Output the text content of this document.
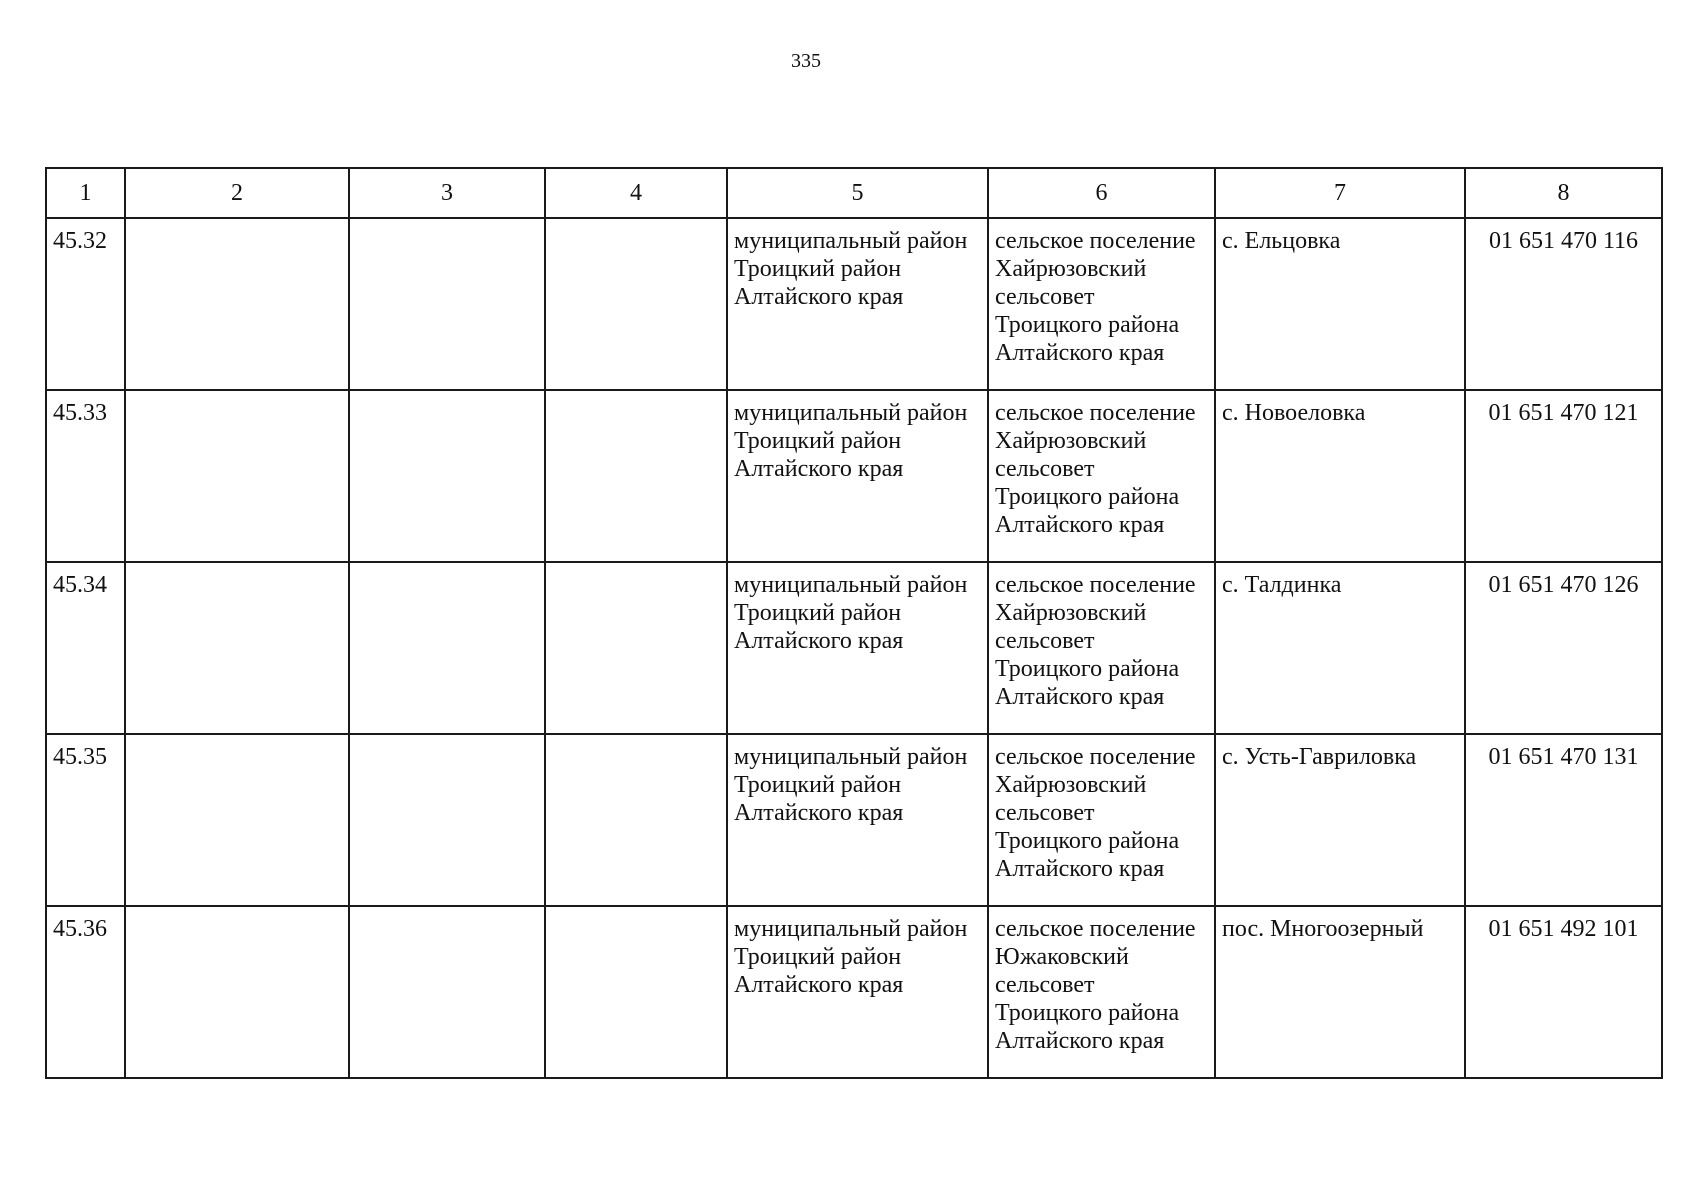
335
1	2	3	4	5	6	7	8
45.32				муниципальный район
Троицкий район
Алтайского края	сельское поселение
Хайрюзовский
сельсовет
Троицкого района
Алтайского края	с. Ельцовка	01 651 470 116
45.33				муниципальный район
Троицкий район
Алтайского края	сельское поселение
Хайрюзовский
сельсовет
Троицкого района
Алтайского края	с. Новоеловка	01 651 470 121
45.34				муниципальный район
Троицкий район
Алтайского края	сельское поселение
Хайрюзовский
сельсовет
Троицкого района
Алтайского края	с. Талдинка	01 651 470 126
45.35				муниципальный район
Троицкий район
Алтайского края	сельское поселение
Хайрюзовский
сельсовет
Троицкого района
Алтайского края	с. Усть-Гавриловка	01 651 470 131
45.36				муниципальный район
Троицкий район
Алтайского края	сельское поселение
Южаковский
сельсовет
Троицкого района
Алтайского края	пос. Многоозерный	01 651 492 101
